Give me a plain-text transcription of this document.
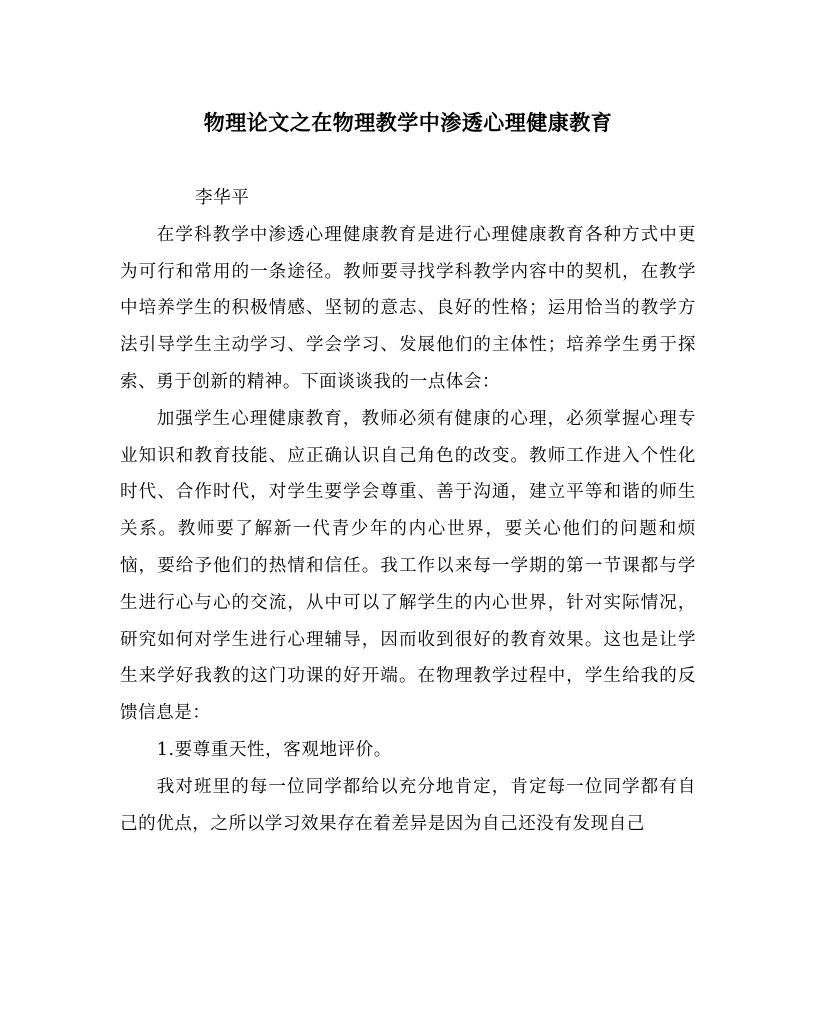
物理论文之在物理教学中渗透心理健康教育

李华平

在学科教学中渗透心理健康教育是进行心理健康教育各种方式中更为可行和常用的一条途径。教师要寻找学科教学内容中的契机，在教学中培养学生的积极情感、坚韧的意志、良好的性格；运用恰当的教学方法引导学生主动学习、学会学习、发展他们的主体性；培养学生勇于探索、勇于创新的精神。下面谈谈我的一点体会：

加强学生心理健康教育，教师必须有健康的心理，必须掌握心理专业知识和教育技能、应正确认识自己角色的改变。教师工作进入个性化时代、合作时代，对学生要学会尊重、善于沟通，建立平等和谐的师生关系。教师要了解新一代青少年的内心世界，要关心他们的问题和烦恼，要给予他们的热情和信任。我工作以来每一学期的第一节课都与学生进行心与心的交流，从中可以了解学生的内心世界，针对实际情况，研究如何对学生进行心理辅导，因而收到很好的教育效果。这也是让学生来学好我教的这门功课的好开端。在物理教学过程中，学生给我的反馈信息是：

1.要尊重天性，客观地评价。

我对班里的每一位同学都给以充分地肯定，肯定每一位同学都有自己的优点，之所以学习效果存在着差异是因为自己还没有发现自己
